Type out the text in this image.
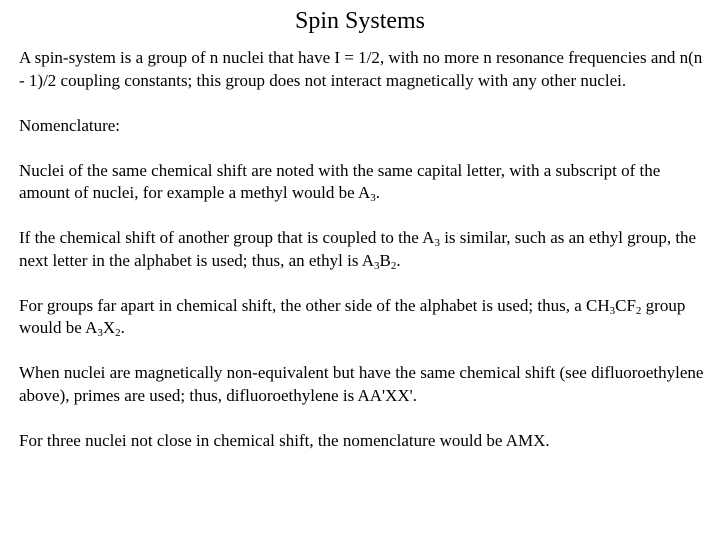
Spin Systems

A spin-system is a group of n nuclei that have I = 1/2, with no more n resonance frequencies and n(n - 1)/2 coupling constants; this group does not interact magnetically with any other nuclei.

Nomenclature:

Nuclei of the same chemical shift are noted with the same capital letter, with a subscript of the amount of nuclei, for example a methyl would be $A_3$.

If the chemical shift of another group that is coupled to the $A_3$ is similar, such as an ethyl group, the next letter in the alphabet is used; thus, an ethyl is $A_3B_2$.

For groups far apart in chemical shift, the other side of the alphabet is used; thus, a $CH_3CF_2$ group would be $A_3X_2$.

When nuclei are magnetically non-equivalent but have the same chemical shift (see difluoroethylene above), primes are used; thus, difluoroethylene is AA'XX'.

For three nuclei not close in chemical shift, the nomenclature would be AMX.
